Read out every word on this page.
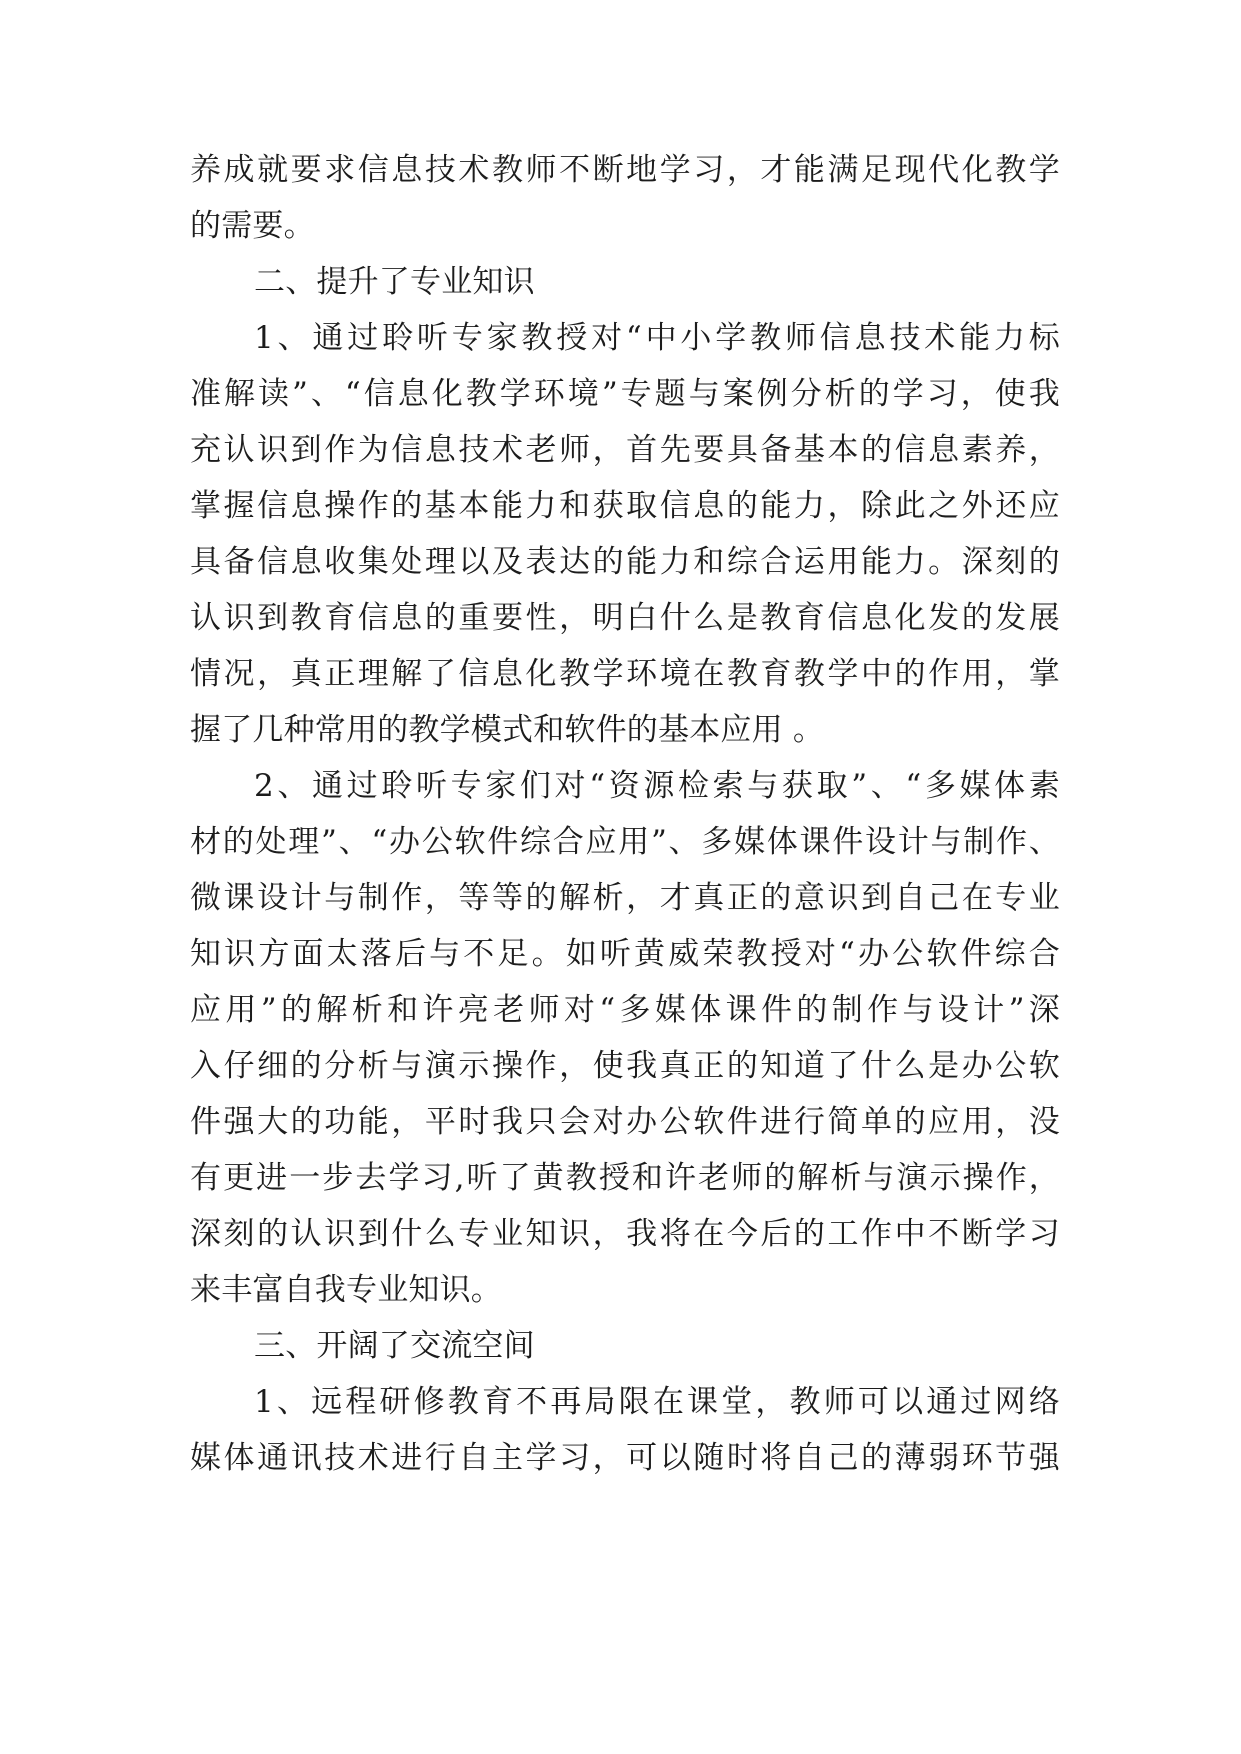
养成就要求信息技术教师不断地学习，才能满足现代化教学
的需要。
二、提升了专业知识
1、通过聆听专家教授对“中小学教师信息技术能力标
准解读”、“信息化教学环境”专题与案例分析的学习，使我
充认识到作为信息技术老师，首先要具备基本的信息素养，
掌握信息操作的基本能力和获取信息的能力，除此之外还应
具备信息收集处理以及表达的能力和综合运用能力。深刻的
认识到教育信息的重要性，明白什么是教育信息化发的发展
情况，真正理解了信息化教学环境在教育教学中的作用，掌
握了几种常用的教学模式和软件的基本应用 。
2、通过聆听专家们对“资源检索与获取”、“多媒体素
材的处理”、“办公软件综合应用”、多媒体课件设计与制作、
微课设计与制作，等等的解析，才真正的意识到自己在专业
知识方面太落后与不足。如听黄威荣教授对“办公软件综合
应用”的解析和许亮老师对“多媒体课件的制作与设计”深
入仔细的分析与演示操作，使我真正的知道了什么是办公软
件强大的功能，平时我只会对办公软件进行简单的应用，没
有更进一步去学习,听了黄教授和许老师的解析与演示操作，
深刻的认识到什么专业知识，我将在今后的工作中不断学习
来丰富自我专业知识。
三、开阔了交流空间
1、远程研修教育不再局限在课堂，教师可以通过网络
媒体通讯技术进行自主学习，可以随时将自己的薄弱环节强
